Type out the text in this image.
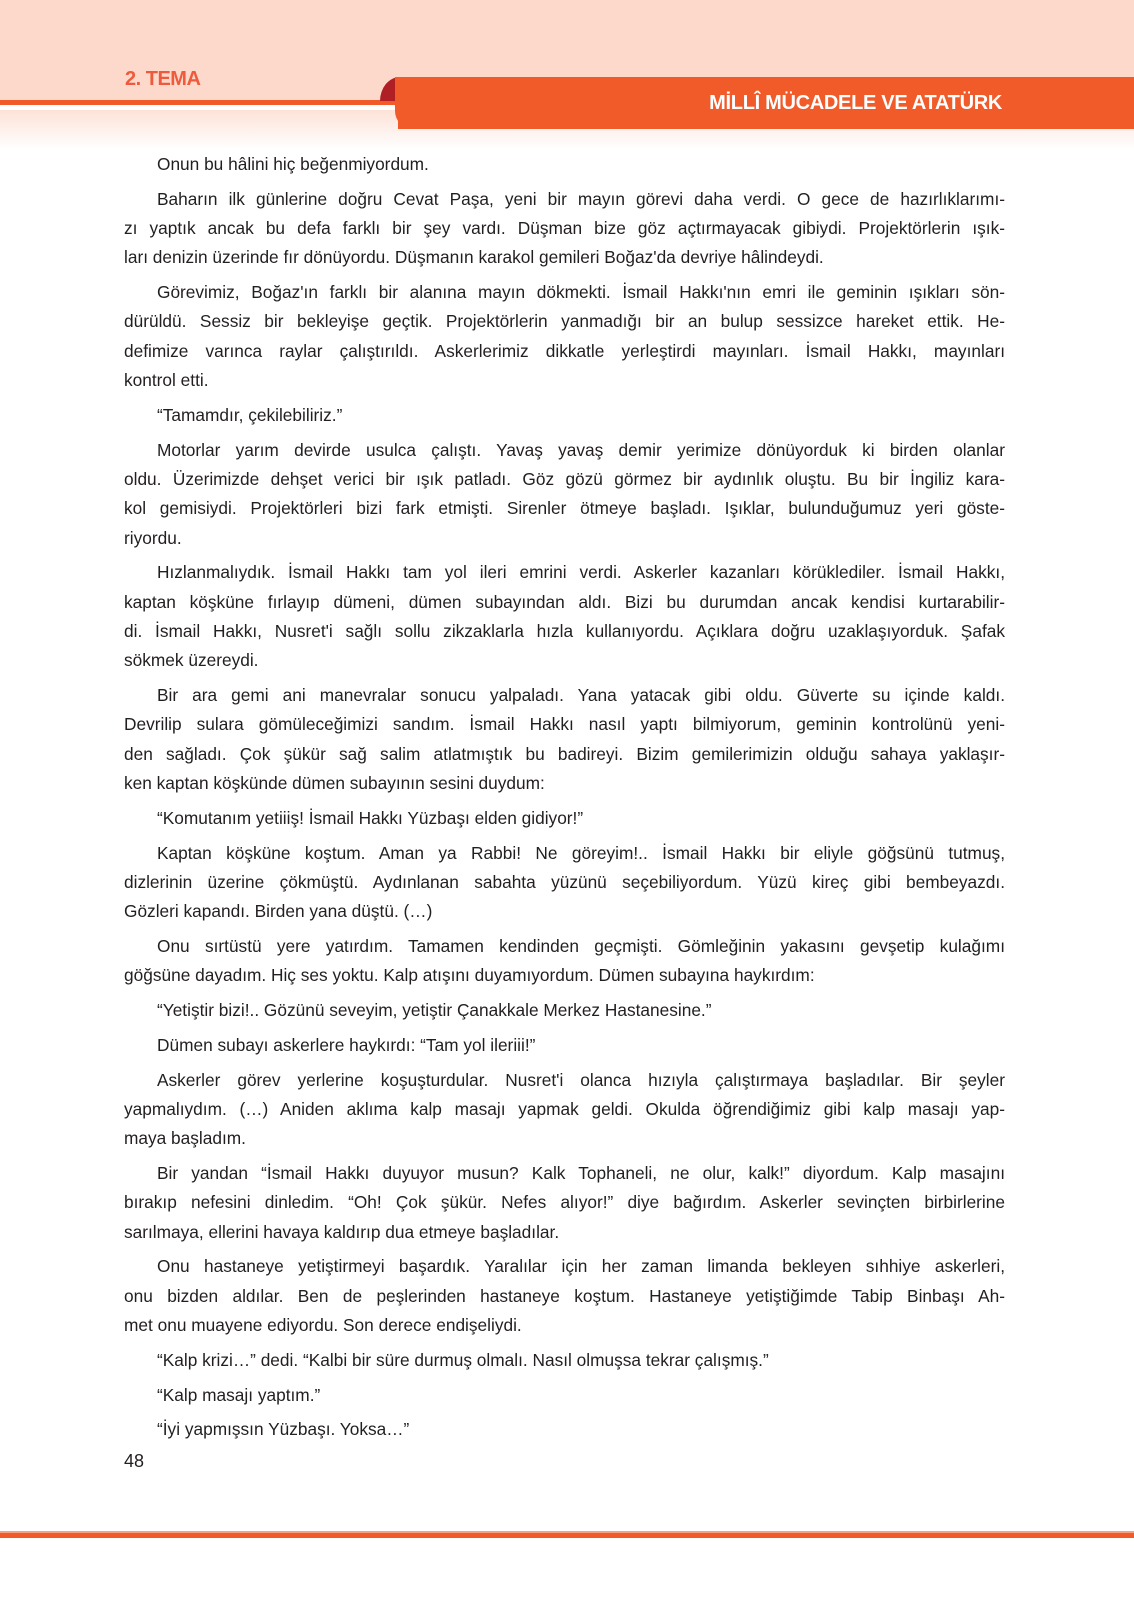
2. TEMA
MİLLÎ MÜCADELE VE ATATÜRK
Onun bu hâlini hiç beğenmiyordum.
Baharın ilk günlerine doğru Cevat Paşa, yeni bir mayın görevi daha verdi. O gece de hazırlıklarımı-
zı yaptık ancak bu defa farklı bir şey vardı. Düşman bize göz açtırmayacak gibiydi. Projektörlerin ışık-
ları denizin üzerinde fır dönüyordu. Düşmanın karakol gemileri Boğaz'da devriye hâlindeydi.
Görevimiz, Boğaz'ın farklı bir alanına mayın dökmekti. İsmail Hakkı'nın emri ile geminin ışıkları sön-
dürüldü. Sessiz bir bekleyişe geçtik. Projektörlerin yanmadığı bir an bulup sessizce hareket ettik. He-
defimize varınca raylar çalıştırıldı. Askerlerimiz dikkatle yerleştirdi mayınları. İsmail Hakkı, mayınları
kontrol etti.
“Tamamdır, çekilebiliriz.”
Motorlar yarım devirde usulca çalıştı. Yavaş yavaş demir yerimize dönüyorduk ki birden olanlar
oldu. Üzerimizde dehşet verici bir ışık patladı. Göz gözü görmez bir aydınlık oluştu. Bu bir İngiliz kara-
kol gemisiydi. Projektörleri bizi fark etmişti. Sirenler ötmeye başladı. Işıklar, bulunduğumuz yeri göste-
riyordu.
Hızlanmalıydık. İsmail Hakkı tam yol ileri emrini verdi. Askerler kazanları körüklediler. İsmail Hakkı,
kaptan köşküne fırlayıp dümeni, dümen subayından aldı. Bizi bu durumdan ancak kendisi kurtarabilir-
di. İsmail Hakkı, Nusret'i sağlı sollu zikzaklarla hızla kullanıyordu. Açıklara doğru uzaklaşıyorduk. Şafak
sökmek üzereydi.
Bir ara gemi ani manevralar sonucu yalpaladı. Yana yatacak gibi oldu. Güverte su içinde kaldı.
Devrilip sulara gömüleceğimizi sandım. İsmail Hakkı nasıl yaptı bilmiyorum, geminin kontrolünü yeni-
den sağladı. Çok şükür sağ salim atlatmıştık bu badireyi. Bizim gemilerimizin olduğu sahaya yaklaşır-
ken kaptan köşkünde dümen subayının sesini duydum:
“Komutanım yetiiiş! İsmail Hakkı Yüzbaşı elden gidiyor!”
Kaptan köşküne koştum. Aman ya Rabbi! Ne göreyim!.. İsmail Hakkı bir eliyle göğsünü tutmuş,
dizlerinin üzerine çökmüştü. Aydınlanan sabahta yüzünü seçebiliyordum. Yüzü kireç gibi bembeyazdı.
Gözleri kapandı. Birden yana düştü. (…)
Onu sırtüstü yere yatırdım. Tamamen kendinden geçmişti. Gömleğinin yakasını gevşetip kulağımı
göğsüne dayadım. Hiç ses yoktu. Kalp atışını duyamıyordum. Dümen subayına haykırdım:
“Yetiştir bizi!.. Gözünü seveyim, yetiştir Çanakkale Merkez Hastanesine.”
Dümen subayı askerlere haykırdı: “Tam yol ileriii!”
Askerler görev yerlerine koşuşturdular. Nusret'i olanca hızıyla çalıştırmaya başladılar. Bir şeyler
yapmalıydım. (…) Aniden aklıma kalp masajı yapmak geldi. Okulda öğrendiğimiz gibi kalp masajı yap-
maya başladım.
Bir yandan “İsmail Hakkı duyuyor musun? Kalk Tophaneli, ne olur, kalk!” diyordum. Kalp masajını
bırakıp nefesini dinledim. “Oh! Çok şükür. Nefes alıyor!” diye bağırdım. Askerler sevinçten birbirlerine
sarılmaya, ellerini havaya kaldırıp dua etmeye başladılar.
Onu hastaneye yetiştirmeyi başardık. Yaralılar için her zaman limanda bekleyen sıhhiye askerleri,
onu bizden aldılar. Ben de peşlerinden hastaneye koştum. Hastaneye yetiştiğimde Tabip Binbaşı Ah-
met onu muayene ediyordu. Son derece endişeliydi.
“Kalp krizi…” dedi. “Kalbi bir süre durmuş olmalı. Nasıl olmuşsa tekrar çalışmış.”
“Kalp masajı yaptım.”
“İyi yapmışsın Yüzbaşı. Yoksa…”
48
